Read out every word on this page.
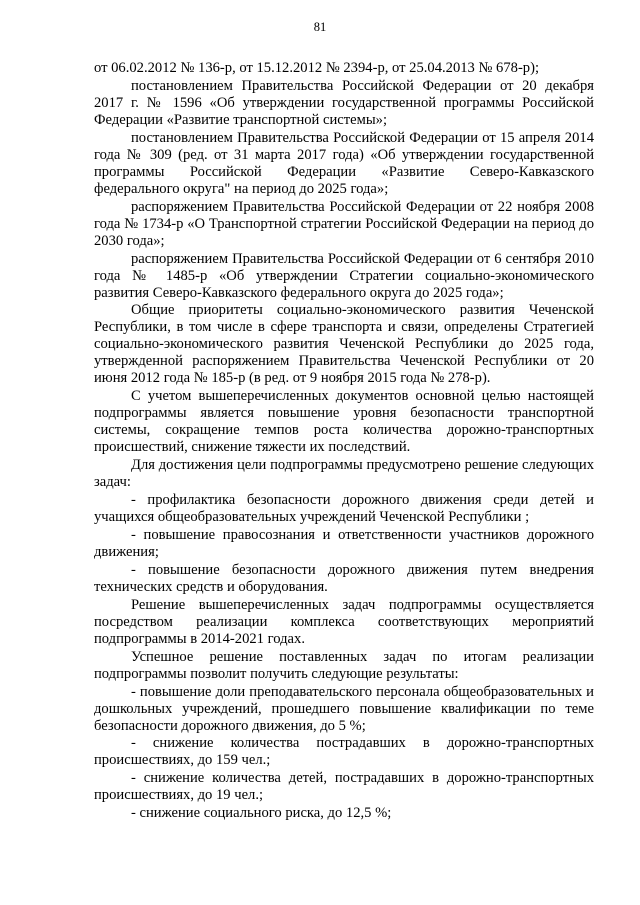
81

от 06.02.2012 № 136-р, от 15.12.2012 № 2394-р, от 25.04.2013 № 678-р);

постановлением Правительства Российской Федерации от 20 декабря 2017 г. № 1596 «Об утверждении государственной программы Российской Федерации «Развитие транспортной системы»;

постановлением Правительства Российской Федерации от 15 апреля 2014 года № 309 (ред. от 31 марта 2017 года) «Об утверждении государственной программы Российской Федерации «Развитие Северо-Кавказского федерального округа" на период до 2025 года»;

распоряжением Правительства Российской Федерации от 22 ноября 2008 года № 1734-р «О Транспортной стратегии Российской Федерации на период до 2030 года»;

распоряжением Правительства Российской Федерации от 6 сентября 2010 года № 1485-р «Об утверждении Стратегии социально-экономического развития Северо-Кавказского федерального округа до 2025 года»;

Общие приоритеты социально-экономического развития Чеченской Республики, в том числе в сфере транспорта и связи, определены Стратегией социально-экономического развития Чеченской Республики до 2025 года, утвержденной распоряжением Правительства Чеченской Республики от 20 июня 2012 года № 185-р (в ред. от 9 ноября 2015 года № 278-р).

С учетом вышеперечисленных документов основной целью настоящей подпрограммы является повышение уровня безопасности транспортной системы, сокращение темпов роста количества дорожно-транспортных происшествий, снижение тяжести их последствий.

Для достижения цели подпрограммы предусмотрено решение следующих задач:

- профилактика безопасности дорожного движения среди детей и учащихся общеобразовательных учреждений Чеченской Республики ;

- повышение правосознания и ответственности участников дорожного движения;

- повышение безопасности дорожного движения путем внедрения технических средств и оборудования.

Решение вышеперечисленных задач подпрограммы осуществляется посредством реализации комплекса соответствующих мероприятий подпрограммы в 2014-2021 годах.

Успешное решение поставленных задач по итогам реализации подпрограммы позволит получить следующие результаты:

- повышение доли преподавательского персонала общеобразовательных и дошкольных учреждений, прошедшего повышение квалификации по теме безопасности дорожного движения, до 5 %;

- снижение количества пострадавших в дорожно-транспортных происшествиях, до 159 чел.;

- снижение количества детей, пострадавших в дорожно-транспортных происшествиях, до 19 чел.;

- снижение социального риска, до 12,5 %;
